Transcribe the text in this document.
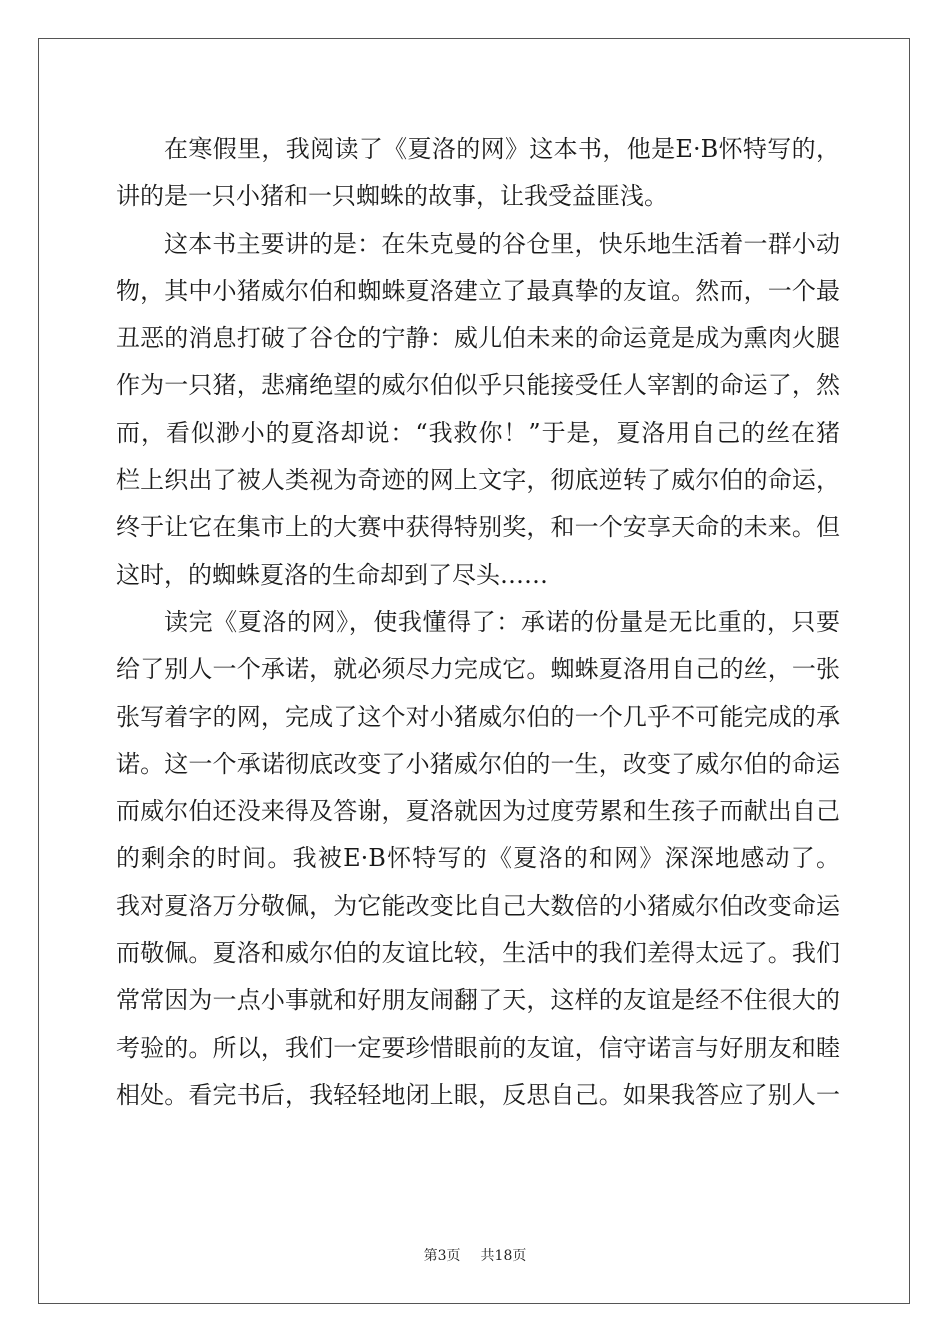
在寒假里，我阅读了《夏洛的网》这本书，他是E·B怀特写的，
讲的是一只小猪和一只蜘蛛的故事，让我受益匪浅。
这本书主要讲的是：在朱克曼的谷仓里，快乐地生活着一群小动
物，其中小猪威尔伯和蜘蛛夏洛建立了最真挚的友谊。然而，一个最
丑恶的消息打破了谷仓的宁静：威儿伯未来的命运竟是成为熏肉火腿
作为一只猪，悲痛绝望的威尔伯似乎只能接受任人宰割的命运了，然
而，看似渺小的夏洛却说：“我救你！”于是，夏洛用自己的丝在猪
栏上织出了被人类视为奇迹的网上文字，彻底逆转了威尔伯的命运，
终于让它在集市上的大赛中获得特别奖，和一个安享天命的未来。但
这时，的蜘蛛夏洛的生命却到了尽头……
读完《夏洛的网》，使我懂得了：承诺的份量是无比重的，只要
给了别人一个承诺，就必须尽力完成它。蜘蛛夏洛用自己的丝，一张
张写着字的网，完成了这个对小猪威尔伯的一个几乎不可能完成的承
诺。这一个承诺彻底改变了小猪威尔伯的一生，改变了威尔伯的命运
而威尔伯还没来得及答谢，夏洛就因为过度劳累和生孩子而献出自己
的剩余的时间。我被E·B怀特写的《夏洛的和网》深深地感动了。
我对夏洛万分敬佩，为它能改变比自己大数倍的小猪威尔伯改变命运
而敬佩。夏洛和威尔伯的友谊比较，生活中的我们差得太远了。我们
常常因为一点小事就和好朋友闹翻了天，这样的友谊是经不住很大的
考验的。所以，我们一定要珍惜眼前的友谊，信守诺言与好朋友和睦
相处。看完书后，我轻轻地闭上眼，反思自己。如果我答应了别人一
第3页 共18页
